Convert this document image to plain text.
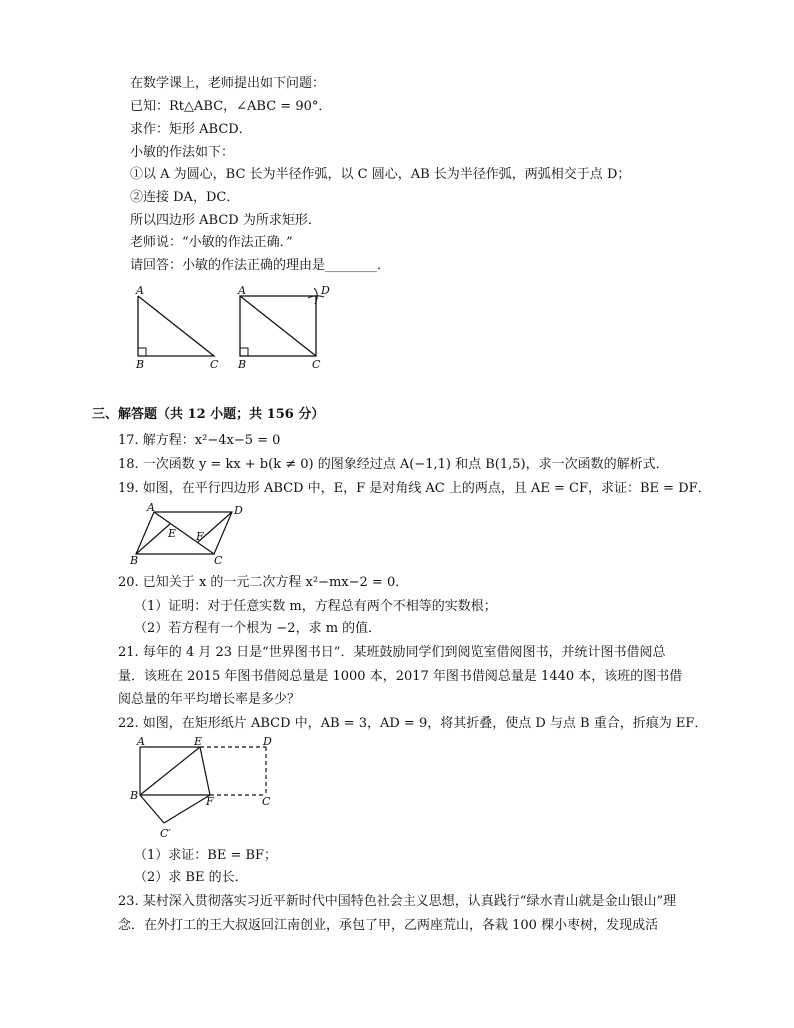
在数学课上，老师提出如下问题：
已知：Rt△ABC，∠ABC = 90°．
求作：矩形 ABCD．
小敏的作法如下：
①以 A 为圆心，BC 长为半径作弧，以 C 圆心，AB 长为半径作弧，两弧相交于点 D；
②连接 DA，DC．
所以四边形 ABCD 为所求矩形．
老师说：“小敏的作法正确．”
请回答：小敏的作法正确的理由是________．
A
B	C
A	D
B	C
三、解答题（共 12 小题；共 156 分）
17. 解方程：x²−4x−5 = 0
18. 一次函数 y = kx + b(k ≠ 0) 的图象经过点 A(−1,1) 和点 B(1,5)，求一次函数的解析式．
19. 如图，在平行四边形 ABCD 中，E，F 是对角线 AC 上的两点，且 AE = CF，求证：BE = DF．
A	D
B	C
E F
20. 已知关于 x 的一元二次方程 x²−mx−2 = 0．
（1）证明：对于任意实数 m，方程总有两个不相等的实数根；
（2）若方程有一个根为 −2，求 m 的值．
21. 每年的 4 月 23 日是“世界图书日”．某班鼓励同学们到阅览室借阅图书，并统计图书借阅总
量．该班在 2015 年图书借阅总量是 1000 本，2017 年图书借阅总量是 1440 本，该班的图书借
阅总量的年平均增长率是多少？
22. 如图，在矩形纸片 ABCD 中，AB = 3，AD = 9，将其折叠，使点 D 与点 B 重合，折痕为 EF．
A	E	D
B	F	C
C′
（1）求证：BE = BF；
（2）求 BE 的长．
23. 某村深入贯彻落实习近平新时代中国特色社会主义思想，认真践行“绿水青山就是金山银山”理
念．在外打工的王大叔返回江南创业，承包了甲，乙两座荒山，各栽 100 棵小枣树，发现成活
